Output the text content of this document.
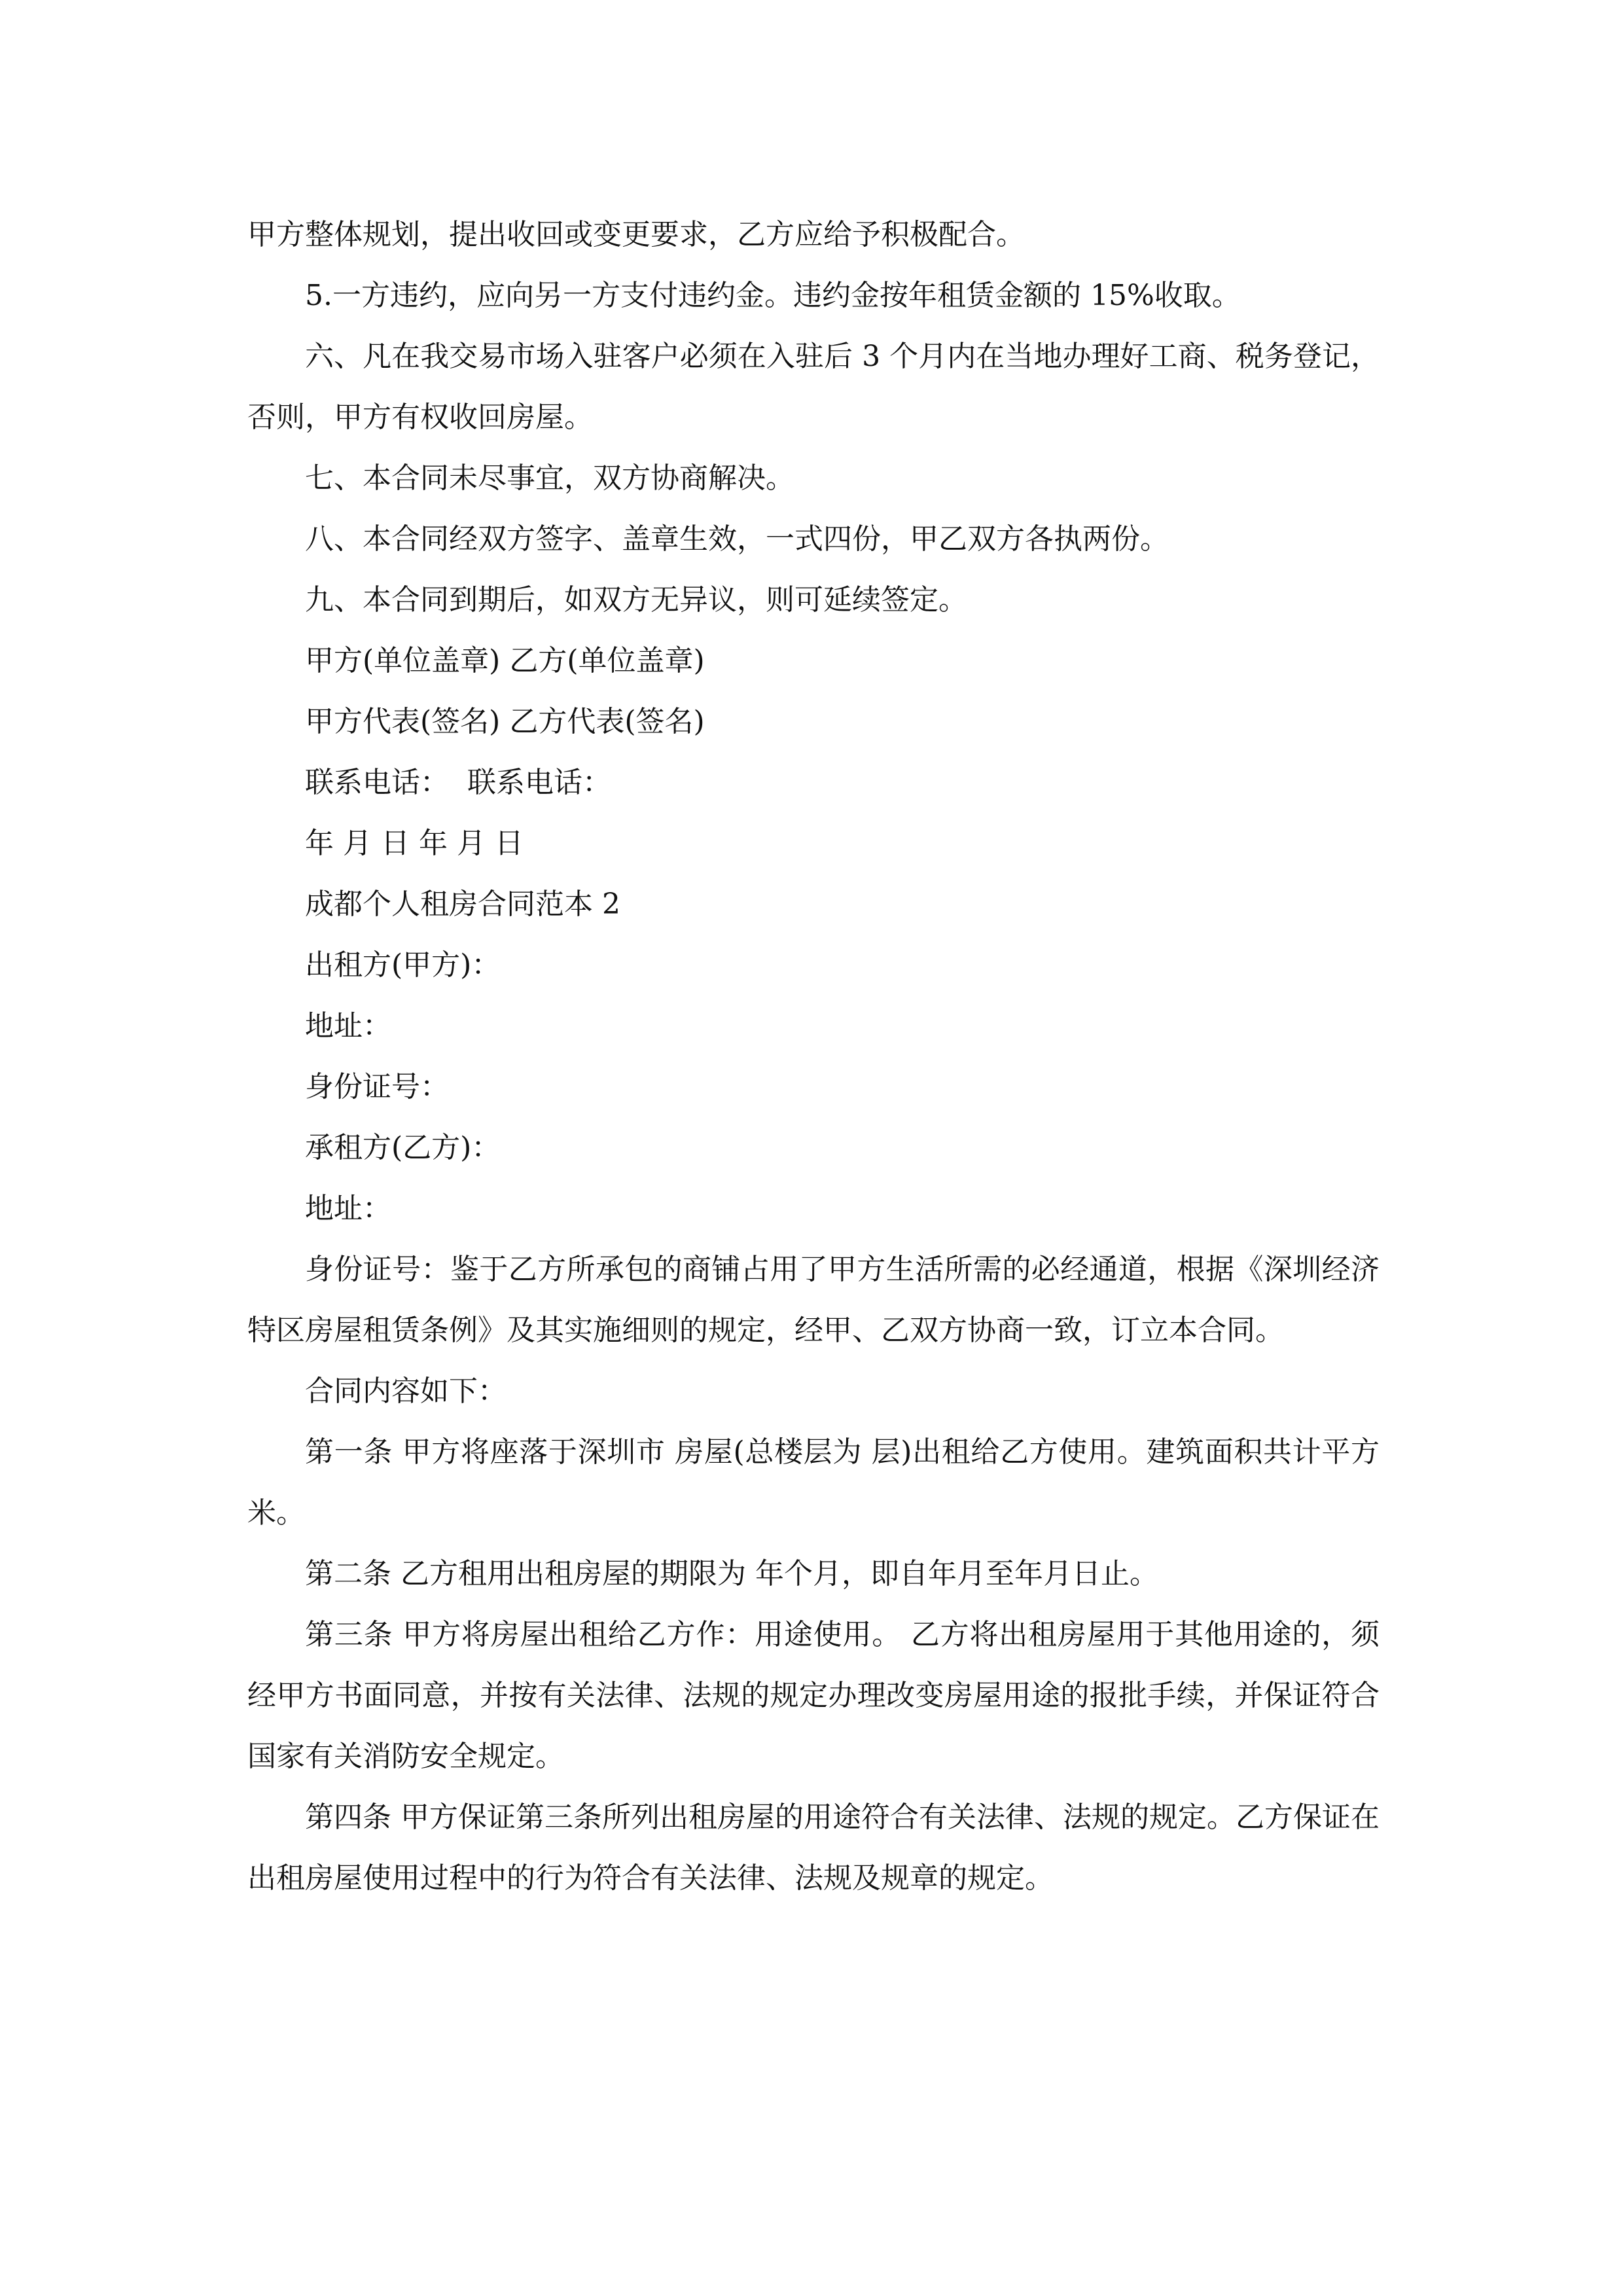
甲方整体规划，提出收回或变更要求，乙方应给予积极配合。

5.一方违约，应向另一方支付违约金。违约金按年租赁金额的 15%收取。

六、凡在我交易市场入驻客户必须在入驻后 3 个月内在当地办理好工商、税务登记，否则，甲方有权收回房屋。

七、本合同未尽事宜，双方协商解决。

八、本合同经双方签字、盖章生效，一式四份，甲乙双方各执两份。

九、本合同到期后，如双方无异议，则可延续签定。

甲方(单位盖章) 乙方(单位盖章)

甲方代表(签名) 乙方代表(签名)

联系电话：  联系电话：

年 月 日 年 月 日

成都个人租房合同范本 2

出租方(甲方)：

地址：

身份证号：

承租方(乙方)：

地址：

身份证号：鉴于乙方所承包的商铺占用了甲方生活所需的必经通道，根据《深圳经济特区房屋租赁条例》及其实施细则的规定，经甲、乙双方协商一致，订立本合同。

合同内容如下：

第一条 甲方将座落于深圳市 房屋(总楼层为 层)出租给乙方使用。建筑面积共计平方米。

第二条 乙方租用出租房屋的期限为 年个月，即自年月至年月日止。

第三条 甲方将房屋出租给乙方作：用途使用。 乙方将出租房屋用于其他用途的，须经甲方书面同意，并按有关法律、法规的规定办理改变房屋用途的报批手续，并保证符合国家有关消防安全规定。

第四条 甲方保证第三条所列出租房屋的用途符合有关法律、法规的规定。乙方保证在出租房屋使用过程中的行为符合有关法律、法规及规章的规定。
